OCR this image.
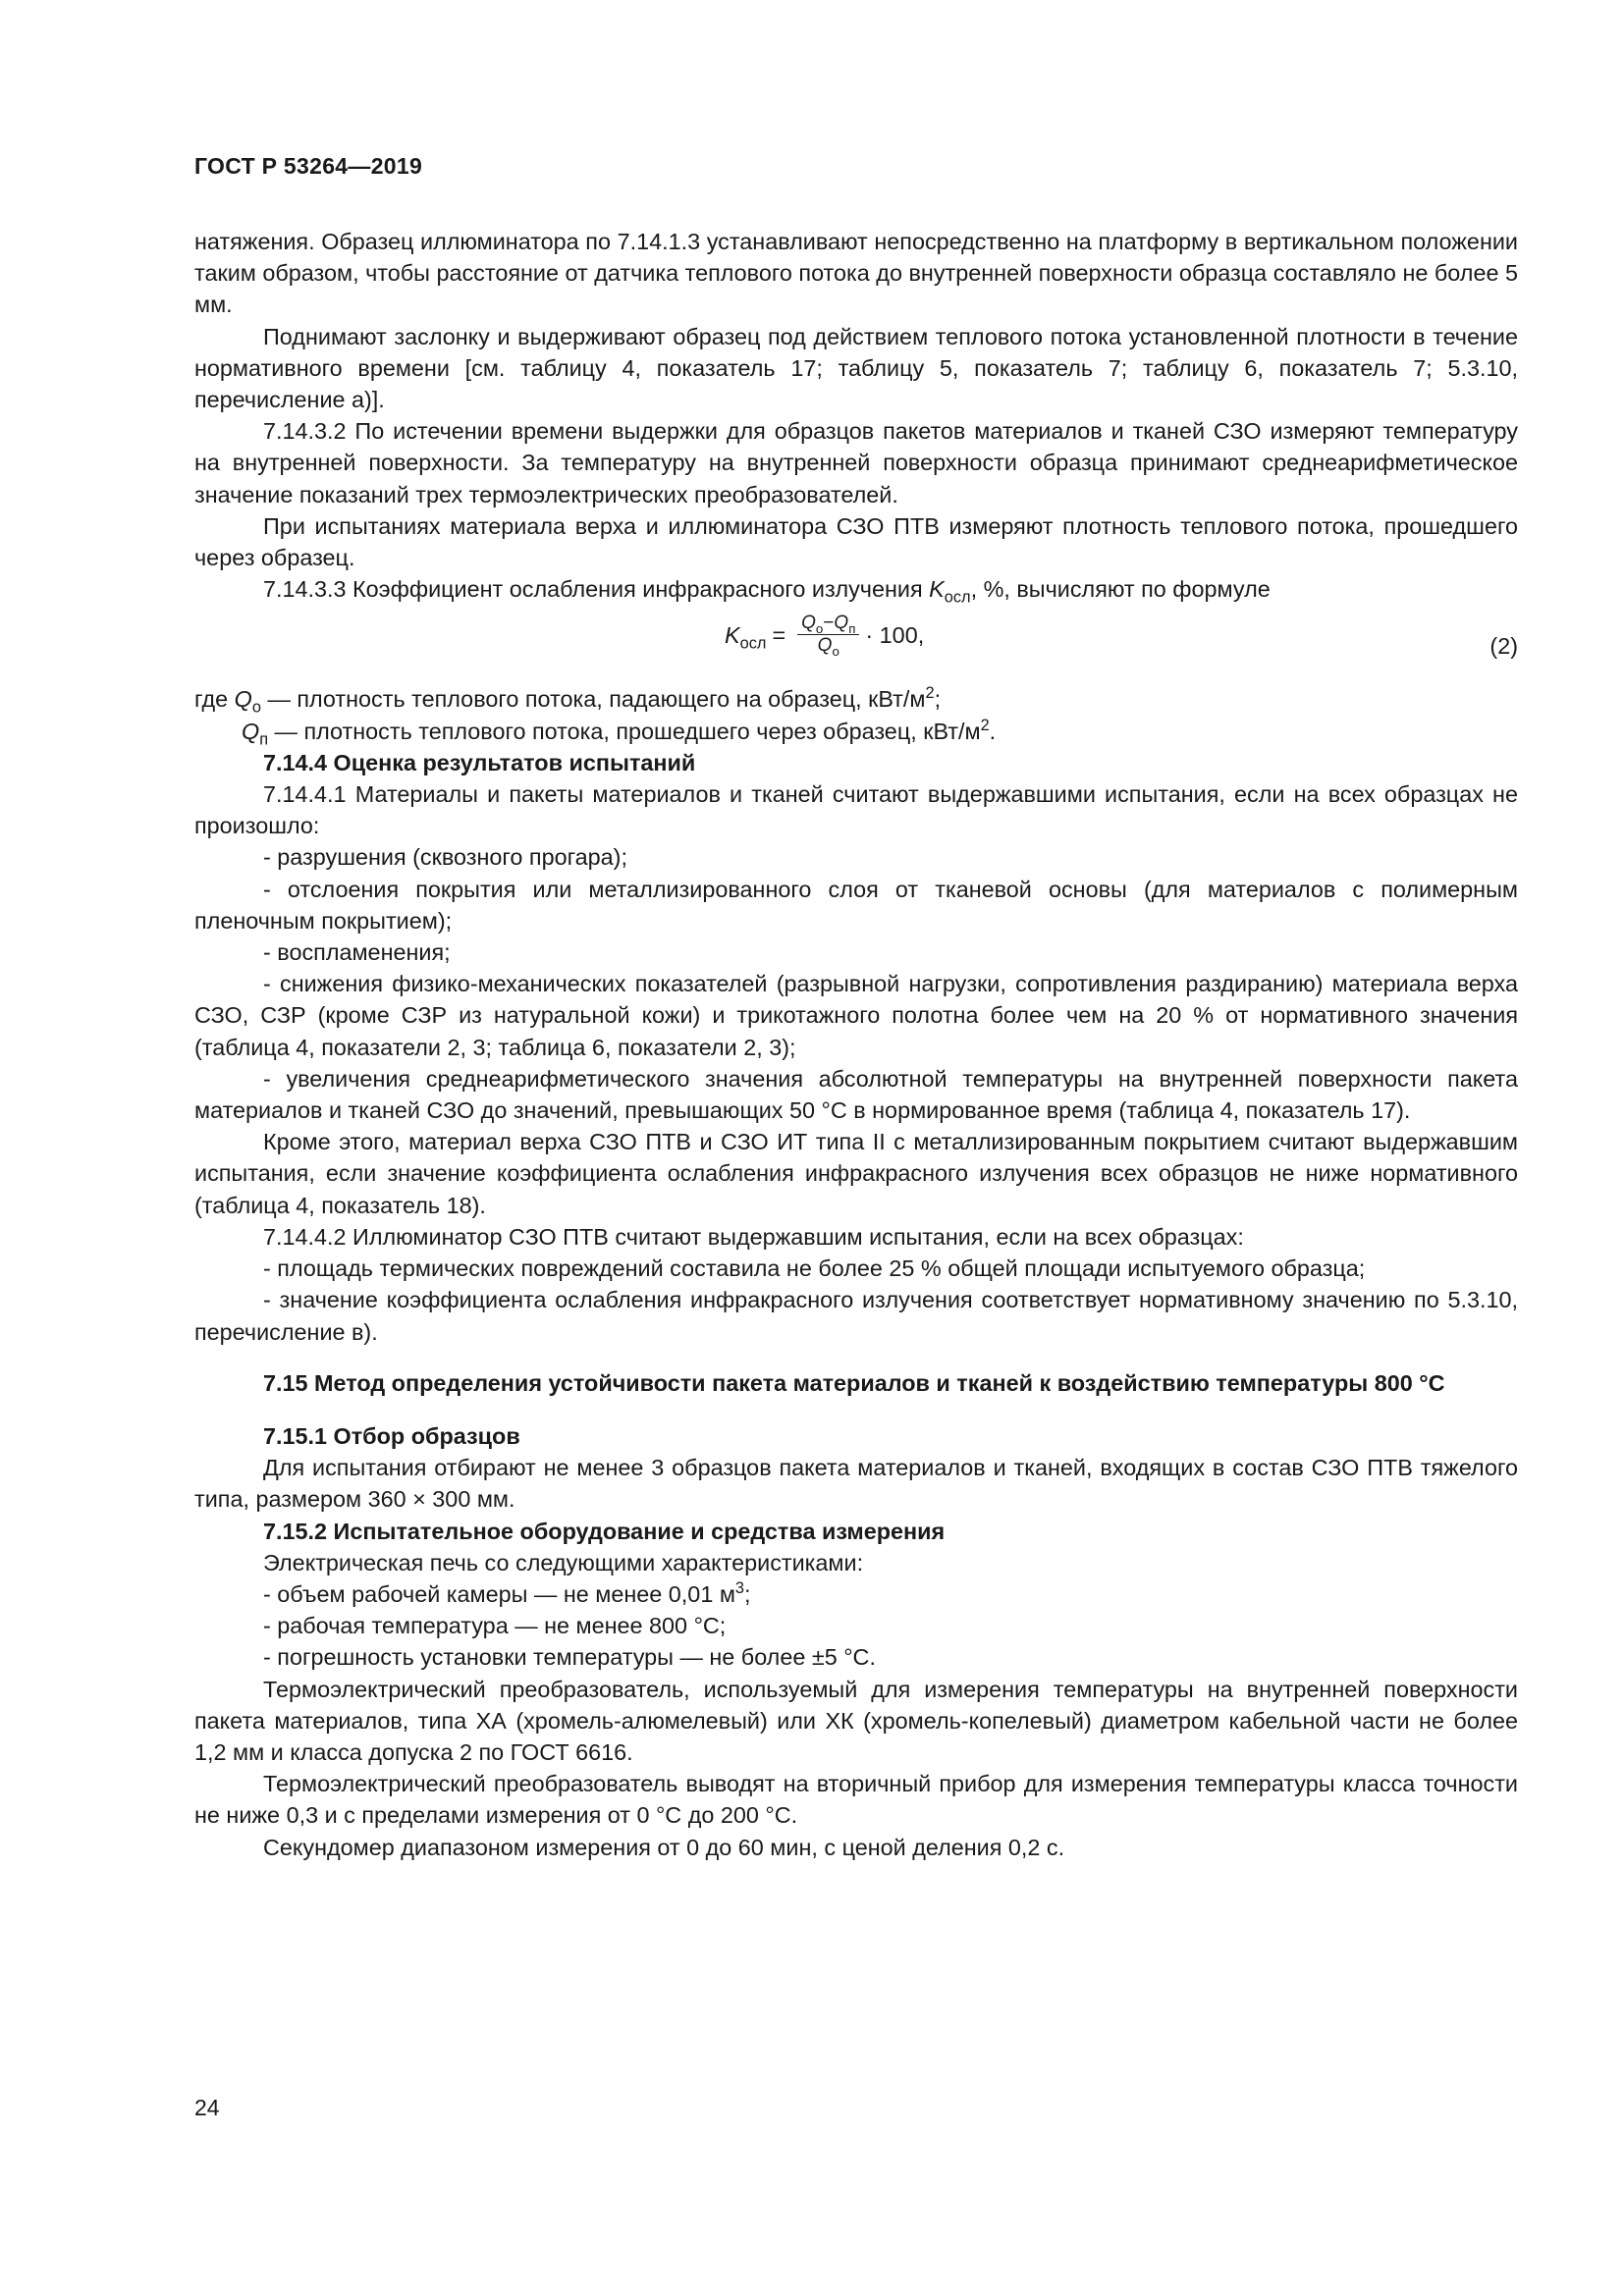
ГОСТ Р 53264—2019

натяжения. Образец иллюминатора по 7.14.1.3 устанавливают непосредственно на платформу в вертикальном положении таким образом, чтобы расстояние от датчика теплового потока до внутренней поверхности образца составляло не более 5 мм.

Поднимают заслонку и выдерживают образец под действием теплового потока установленной плотности в течение нормативного времени [см. таблицу 4, показатель 17; таблицу 5, показатель 7; таблицу 6, показатель 7; 5.3.10, перечисление а)].

7.14.3.2 По истечении времени выдержки для образцов пакетов материалов и тканей СЗО измеряют температуру на внутренней поверхности. За температуру на внутренней поверхности образца принимают среднеарифметическое значение показаний трех термоэлектрических преобразователей.

При испытаниях материала верха и иллюминатора СЗО ПТВ измеряют плотность теплового потока, прошедшего через образец.

7.14.3.3 Коэффициент ослабления инфракрасного излучения $K_{осл}$, %, вычисляют по формуле

$K_{осл} = \frac{Q_о-Q_п}{Q_о} \cdot 100$,	(2)

где $Q_о$ — плотность теплового потока, падающего на образец, кВт/$м^2$;

$Q_п$ — плотность теплового потока, прошедшего через образец, кВт/$м^2$.

7.14.4 Оценка результатов испытаний

7.14.4.1 Материалы и пакеты материалов и тканей считают выдержавшими испытания, если на всех образцах не произошло:

- разрушения (сквозного прогара);

- отслоения покрытия или металлизированного слоя от тканевой основы (для материалов с полимерным пленочным покрытием);

- воспламенения;

- снижения физико-механических показателей (разрывной нагрузки, сопротивления раздиранию) материала верха СЗО, СЗР (кроме СЗР из натуральной кожи) и трикотажного полотна более чем на 20 % от нормативного значения (таблица 4, показатели 2, 3; таблица 6, показатели 2, 3);

- увеличения среднеарифметического значения абсолютной температуры на внутренней поверхности пакета материалов и тканей СЗО до значений, превышающих 50 °С в нормированное время (таблица 4, показатель 17).

Кроме этого, материал верха СЗО ПТВ и СЗО ИТ типа II с металлизированным покрытием считают выдержавшим испытания, если значение коэффициента ослабления инфракрасного излучения всех образцов не ниже нормативного (таблица 4, показатель 18).

7.14.4.2 Иллюминатор СЗО ПТВ считают выдержавшим испытания, если на всех образцах:

- площадь термических повреждений составила не более 25 % общей площади испытуемого образца;

- значение коэффициента ослабления инфракрасного излучения соответствует нормативному значению по 5.3.10, перечисление в).

7.15 Метод определения устойчивости пакета материалов и тканей к воздействию температуры 800 °С

7.15.1 Отбор образцов

Для испытания отбирают не менее 3 образцов пакета материалов и тканей, входящих в состав СЗО ПТВ тяжелого типа, размером 360 × 300 мм.

7.15.2 Испытательное оборудование и средства измерения

Электрическая печь со следующими характеристиками:

- объем рабочей камеры — не менее 0,01 $м^3$;

- рабочая температура — не менее 800 °С;

- погрешность установки температуры — не более ±5 °С.

Термоэлектрический преобразователь, используемый для измерения температуры на внутренней поверхности пакета материалов, типа ХА (хромель-алюмелевый) или ХК (хромель-копелевый) диаметром кабельной части не более 1,2 мм и класса допуска 2 по ГОСТ 6616.

Термоэлектрический преобразователь выводят на вторичный прибор для измерения температуры класса точности не ниже 0,3 и с пределами измерения от 0 °С до 200 °С.

Секундомер диапазоном измерения от 0 до 60 мин, с ценой деления 0,2 с.

24
